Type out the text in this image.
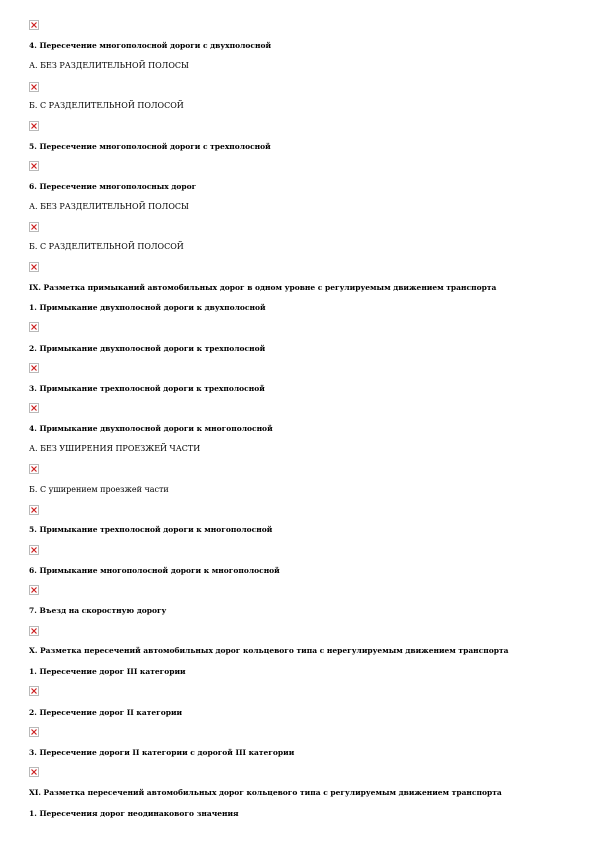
4. Пересечение многополосной дороги с двухполосной
А. БЕЗ РАЗДЕЛИТЕЛЬНОЙ ПОЛОСЫ
Б. С РАЗДЕЛИТЕЛЬНОЙ ПОЛОСОЙ
5. Пересечение многополосной дороги с трехполосной
6. Пересечение многополосных дорог
А. БЕЗ РАЗДЕЛИТЕЛЬНОЙ ПОЛОСЫ
Б. С РАЗДЕЛИТЕЛЬНОЙ ПОЛОСОЙ
IX. Разметка примыканий автомобильных дорог в одном уровне с регулируемым движением транспорта
1. Примыкание двухполосной дороги к двухполосной
2. Примыкание двухполосной дороги к трехполосной
3. Примыкание трехполосной дороги к трехполосной
4. Примыкание двухполосной дороги к многополосной
А. БЕЗ УШИРЕНИЯ ПРОЕЗЖЕЙ ЧАСТИ
Б. С уширением проезжей части
5. Примыкание трехполосной дороги к многополосной
6. Примыкание многополосной дороги к многополосной
7. Въезд на скоростную дорогу
X. Разметка пересечений автомобильных дорог кольцевого типа с нерегулируемым движением транспорта
1. Пересечение дорог III категории
2. Пересечение дорог II категории
3. Пересечение дороги II категории с дорогой III категории
XI. Разметка пересечений автомобильных дорог кольцевого типа с регулируемым движением транспорта
1. Пересечения дорог неодинакового значения
